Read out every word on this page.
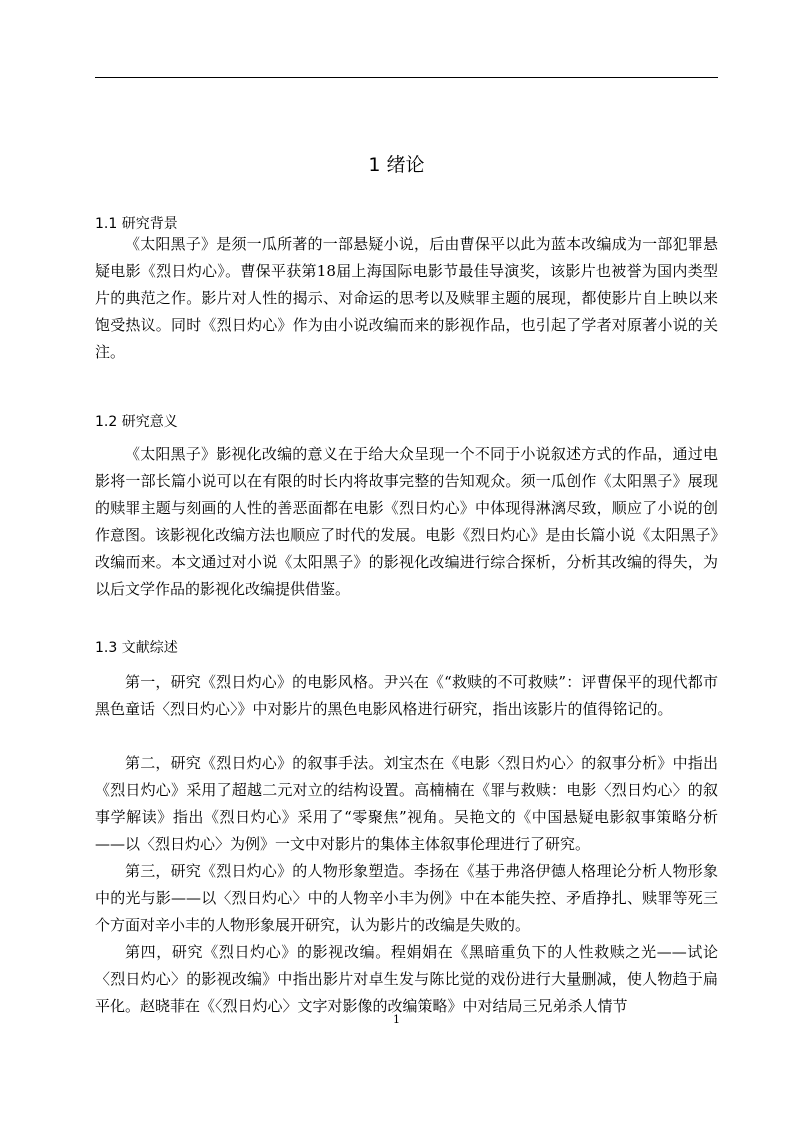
1 绪论
1.1 研究背景

《太阳黑子》是须一瓜所著的一部悬疑小说，后由曹保平以此为蓝本改编成为一部犯罪悬疑电影《烈日灼心》。曹保平获第18届上海国际电影节最佳导演奖，该影片也被誉为国内类型片的典范之作。影片对人性的揭示、对命运的思考以及赎罪主题的展现，都使影片自上映以来饱受热议。同时《烈日灼心》作为由小说改编而来的影视作品，也引起了学者对原著小说的关注。

1.2 研究意义

《太阳黑子》影视化改编的意义在于给大众呈现一个不同于小说叙述方式的作品，通过电影将一部长篇小说可以在有限的时长内将故事完整的告知观众。须一瓜创作《太阳黑子》展现的赎罪主题与刻画的人性的善恶面都在电影《烈日灼心》中体现得淋漓尽致，顺应了小说的创作意图。该影视化改编方法也顺应了时代的发展。电影《烈日灼心》是由长篇小说《太阳黑子》改编而来。本文通过对小说《太阳黑子》的影视化改编进行综合探析，分析其改编的得失，为以后文学作品的影视化改编提供借鉴。

1.3 文献综述

第一，研究《烈日灼心》的电影风格。尹兴在《“救赎的不可救赎”：评曹保平的现代都市黑色童话〈烈日灼心〉》中对影片的黑色电影风格进行研究，指出该影片的值得铭记的。

第二，研究《烈日灼心》的叙事手法。刘宝杰在《电影〈烈日灼心〉的叙事分析》中指出《烈日灼心》采用了超越二元对立的结构设置。高楠楠在《罪与救赎：电影〈烈日灼心〉的叙事学解读》指出《烈日灼心》采用了“零聚焦”视角。吴艳文的《中国悬疑电影叙事策略分析 ——以〈烈日灼心〉为例》一文中对影片的集体主体叙事伦理进行了研究。

第三，研究《烈日灼心》的人物形象塑造。李扬在《基于弗洛伊德人格理论分析人物形象中的光与影——以〈烈日灼心〉中的人物辛小丰为例》中在本能失控、矛盾挣扎、赎罪等死三个方面对辛小丰的人物形象展开研究，认为影片的改编是失败的。

第四，研究《烈日灼心》的影视改编。程娟娟在《黑暗重负下的人性救赎之光——试论〈烈日灼心〉的影视改编》中指出影片对卓生发与陈比觉的戏份进行大量删减，使人物趋于扁平化。赵晓菲在《〈烈日灼心〉文字对影像的改编策略》中对结局三兄弟杀人情节

1
